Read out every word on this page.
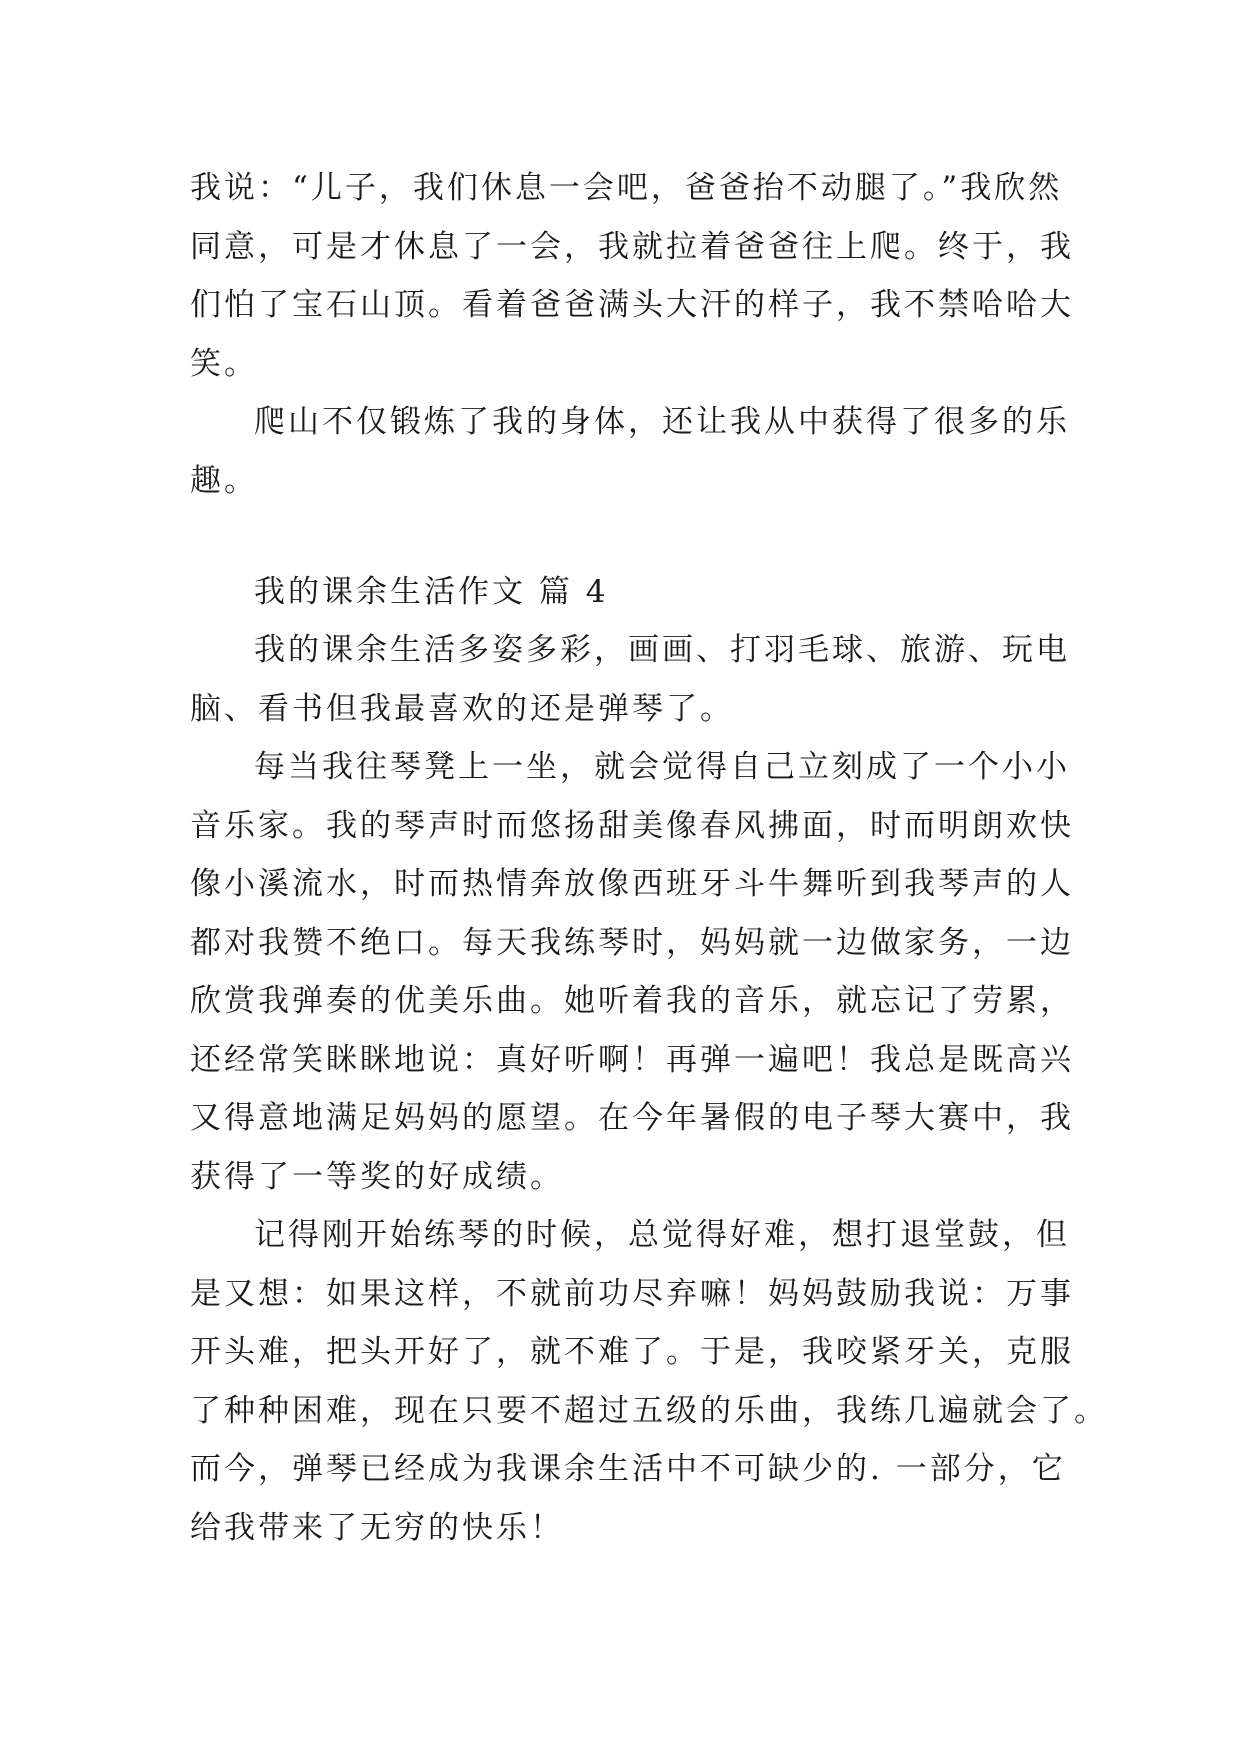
我说：“儿子，我们休息一会吧，爸爸抬不动腿了。”我欣然
同意，可是才休息了一会，我就拉着爸爸往上爬。终于，我
们怕了宝石山顶。看着爸爸满头大汗的样子，我不禁哈哈大
笑。

爬山不仅锻炼了我的身体，还让我从中获得了很多的乐
趣。

我的课余生活作文 篇 4

我的课余生活多姿多彩，画画、打羽毛球、旅游、玩电
脑、看书但我最喜欢的还是弹琴了。

每当我往琴凳上一坐，就会觉得自己立刻成了一个小小
音乐家。我的琴声时而悠扬甜美像春风拂面，时而明朗欢快
像小溪流水，时而热情奔放像西班牙斗牛舞听到我琴声的人
都对我赞不绝口。每天我练琴时，妈妈就一边做家务，一边
欣赏我弹奏的优美乐曲。她听着我的音乐，就忘记了劳累，
还经常笑眯眯地说：真好听啊！再弹一遍吧！我总是既高兴
又得意地满足妈妈的愿望。在今年暑假的电子琴大赛中，我
获得了一等奖的好成绩。

记得刚开始练琴的时候，总觉得好难，想打退堂鼓，但
是又想：如果这样，不就前功尽弃嘛！妈妈鼓励我说：万事
开头难，把头开好了，就不难了。于是，我咬紧牙关，克服
了种种困难，现在只要不超过五级的乐曲，我练几遍就会了。
而今，弹琴已经成为我课余生活中不可缺少的. 一部分，它
给我带来了无穷的快乐！
